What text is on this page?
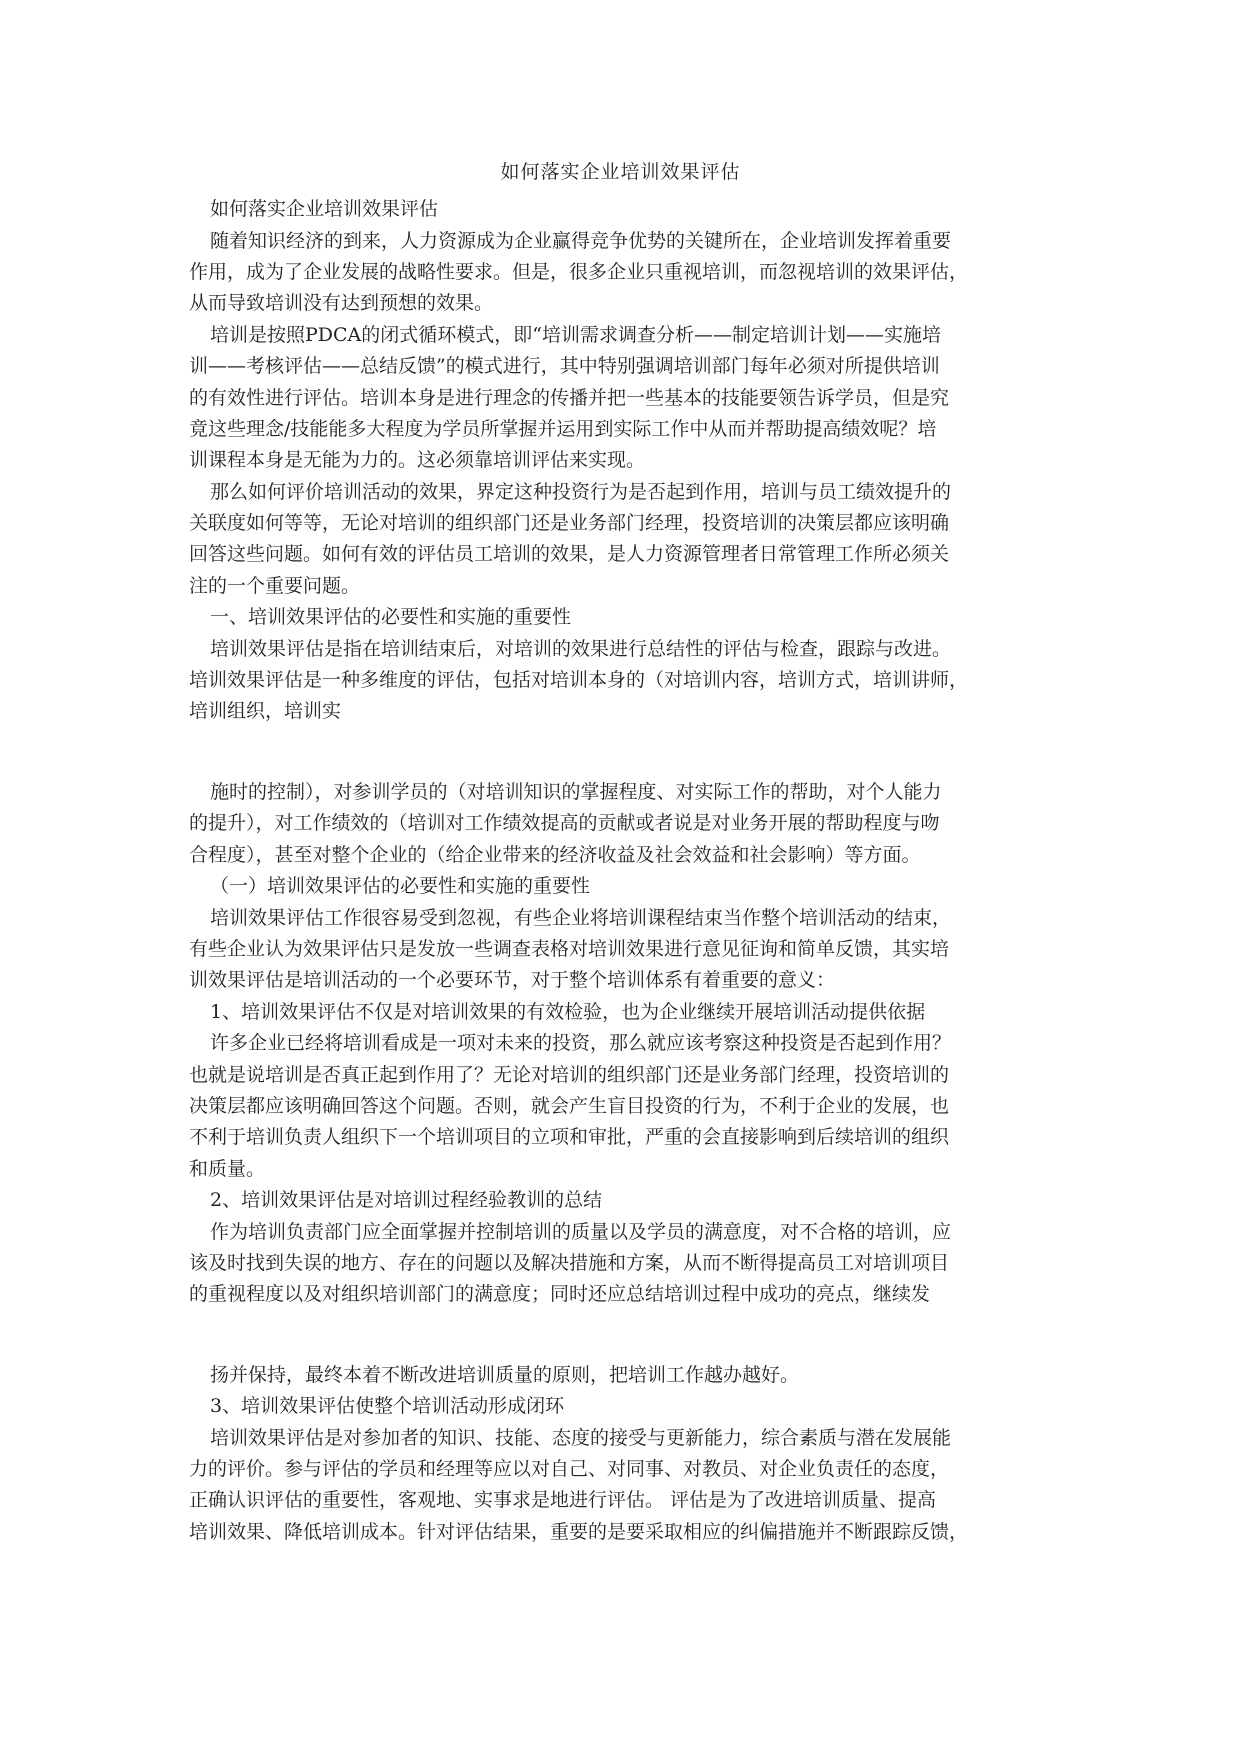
如何落实企业培训效果评估
如何落实企业培训效果评估
随着知识经济的到来，人力资源成为企业赢得竞争优势的关键所在，企业培训发挥着重要
作用，成为了企业发展的战略性要求。但是，很多企业只重视培训，而忽视培训的效果评估，
从而导致培训没有达到预想的效果。
培训是按照PDCA的闭式循环模式，即“培训需求调查分析——制定培训计划——实施培
训——考核评估——总结反馈”的模式进行，其中特别强调培训部门每年必须对所提供培训
的有效性进行评估。培训本身是进行理念的传播并把一些基本的技能要领告诉学员，但是究
竟这些理念/技能能多大程度为学员所掌握并运用到实际工作中从而并帮助提高绩效呢？培
训课程本身是无能为力的。这必须靠培训评估来实现。
那么如何评价培训活动的效果，界定这种投资行为是否起到作用，培训与员工绩效提升的
关联度如何等等，无论对培训的组织部门还是业务部门经理，投资培训的决策层都应该明确
回答这些问题。如何有效的评估员工培训的效果，是人力资源管理者日常管理工作所必须关
注的一个重要问题。
一、培训效果评估的必要性和实施的重要性
培训效果评估是指在培训结束后，对培训的效果进行总结性的评估与检查，跟踪与改进。
培训效果评估是一种多维度的评估，包括对培训本身的（对培训内容，培训方式，培训讲师，
培训组织，培训实
施时的控制），对参训学员的（对培训知识的掌握程度、对实际工作的帮助，对个人能力
的提升），对工作绩效的（培训对工作绩效提高的贡献或者说是对业务开展的帮助程度与吻
合程度），甚至对整个企业的（给企业带来的经济收益及社会效益和社会影响）等方面。
（一）培训效果评估的必要性和实施的重要性
培训效果评估工作很容易受到忽视，有些企业将培训课程结束当作整个培训活动的结束，
有些企业认为效果评估只是发放一些调查表格对培训效果进行意见征询和简单反馈，其实培
训效果评估是培训活动的一个必要环节，对于整个培训体系有着重要的意义：
1、培训效果评估不仅是对培训效果的有效检验，也为企业继续开展培训活动提供依据
许多企业已经将培训看成是一项对未来的投资，那么就应该考察这种投资是否起到作用？
也就是说培训是否真正起到作用了？无论对培训的组织部门还是业务部门经理，投资培训的
决策层都应该明确回答这个问题。否则，就会产生盲目投资的行为，不利于企业的发展，也
不利于培训负责人组织下一个培训项目的立项和审批，严重的会直接影响到后续培训的组织
和质量。
2、培训效果评估是对培训过程经验教训的总结
作为培训负责部门应全面掌握并控制培训的质量以及学员的满意度，对不合格的培训，应
该及时找到失误的地方、存在的问题以及解决措施和方案，从而不断得提高员工对培训项目
的重视程度以及对组织培训部门的满意度；同时还应总结培训过程中成功的亮点，继续发
扬并保持，最终本着不断改进培训质量的原则，把培训工作越办越好。
3、培训效果评估使整个培训活动形成闭环
培训效果评估是对参加者的知识、技能、态度的接受与更新能力，综合素质与潜在发展能
力的评价。参与评估的学员和经理等应以对自己、对同事、对教员、对企业负责任的态度，
正确认识评估的重要性，客观地、实事求是地进行评估。 评估是为了改进培训质量、提高
培训效果、降低培训成本。针对评估结果，重要的是要采取相应的纠偏措施并不断跟踪反馈，
